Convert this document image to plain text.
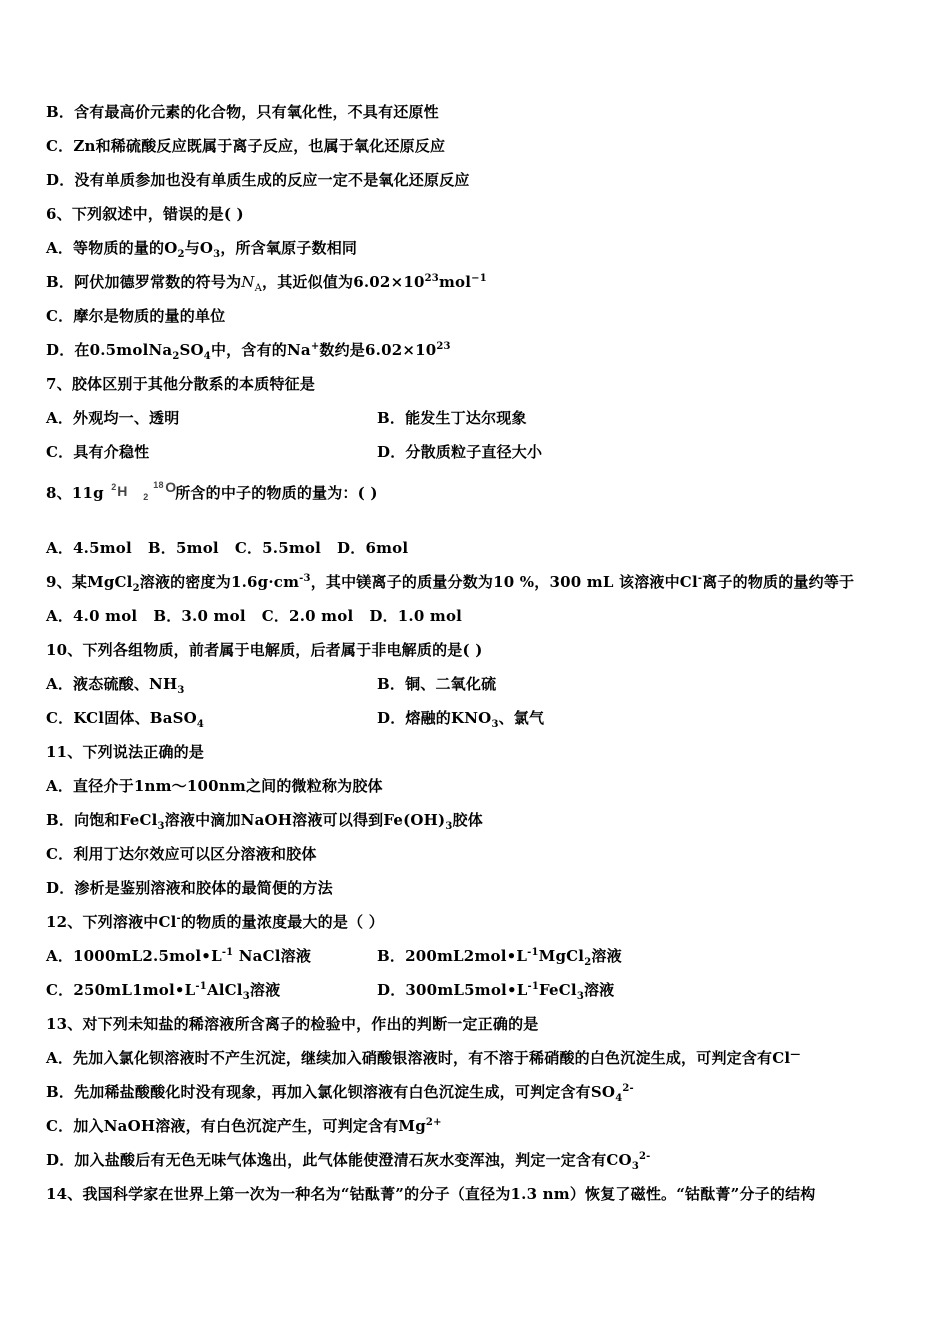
B．含有最高价元素的化合物，只有氧化性，不具有还原性
C．Zn和稀硫酸反应既属于离子反应，也属于氧化还原反应
D．没有单质参加也没有单质生成的反应一定不是氧化还原反应
6、下列叙述中，错误的是( )
A．等物质的量的$O_2$与$O_3$，所含氧原子数相同
B．阿伏加德罗常数的符号为$N_A$，其近似值为$6.02\times 10^{23}mol^{-1}$
C．摩尔是物质的量的单位
D．在$0.5molNa_2SO_4$中，含有的Na+数约是$6.02\times 10^{23}$
7、胶体区别于其他分散系的本质特征是
A．外观均一、透明	B．能发生丁达尔现象
C．具有介稳性	D．分散质粒子直径大小
8、11g 2 H 2
18 O
所含的中子的物质的量为：( )
A．4.5mol B．5mol C．5.5mol D．6mol
9、某MgCl$_2$溶液的密度为$1.6g\cdot cm^{-3}$，其中镁离子的质量分数为10 %，300 mL 该溶液中Cl-离子的物质的量约等于
A．4.0 mol B．3.0 mol C．2.0 mol D．1.0 mol
10、下列各组物质，前者属于电解质，后者属于非电解质的是( )
A．液态硫酸、$NH_3$	B．铜、二氧化硫
C．KCl固体、BaSO$_4$	D．熔融的$KNO_3$、氯气
11、下列说法正确的是
A．直径介于1nm～100nm之间的微粒称为胶体
B．向饱和FeCl$_3$溶液中滴加NaOH溶液可以得到$Fe(OH)_3$胶体
C．利用丁达尔效应可以区分溶液和胶体
D．渗析是鉴别溶液和胶体的最简便的方法
12、下列溶液中Cl-的物质的量浓度最大的是（ ）
A．$1000mL2.5mol•L^{-1}$ NaCl溶液	B．$200mL2mol•L^{-1}MgCl_2$溶液
C．$250mL1mol•L^{-1}AlCl_3$溶液	D．$300mL5mol•L^{-1}FeCl_3$溶液
13、对下列未知盐的稀溶液所含离子的检验中，作出的判断一定正确的是
A．先加入氯化钡溶液时不产生沉淀，继续加入硝酸银溶液时，有不溶于稀硝酸的白色沉淀生成，可判定含有Cl—
B．先加稀盐酸酸化时没有现象，再加入氯化钡溶液有白色沉淀生成，可判定含有$SO_4^{2-}$
C．加入NaOH溶液，有白色沉淀产生，可判定含有$Mg^{2+}$
D．加入盐酸后有无色无味气体逸出，此气体能使澄清石灰水变浑浊，判定一定含有$CO_3^{2-}$
14、我国科学家在世界上第一次为一种名为“钴酞菁”的分子（直径为1.3 nm）恢复了磁性。“钴酞菁”分子的结构
